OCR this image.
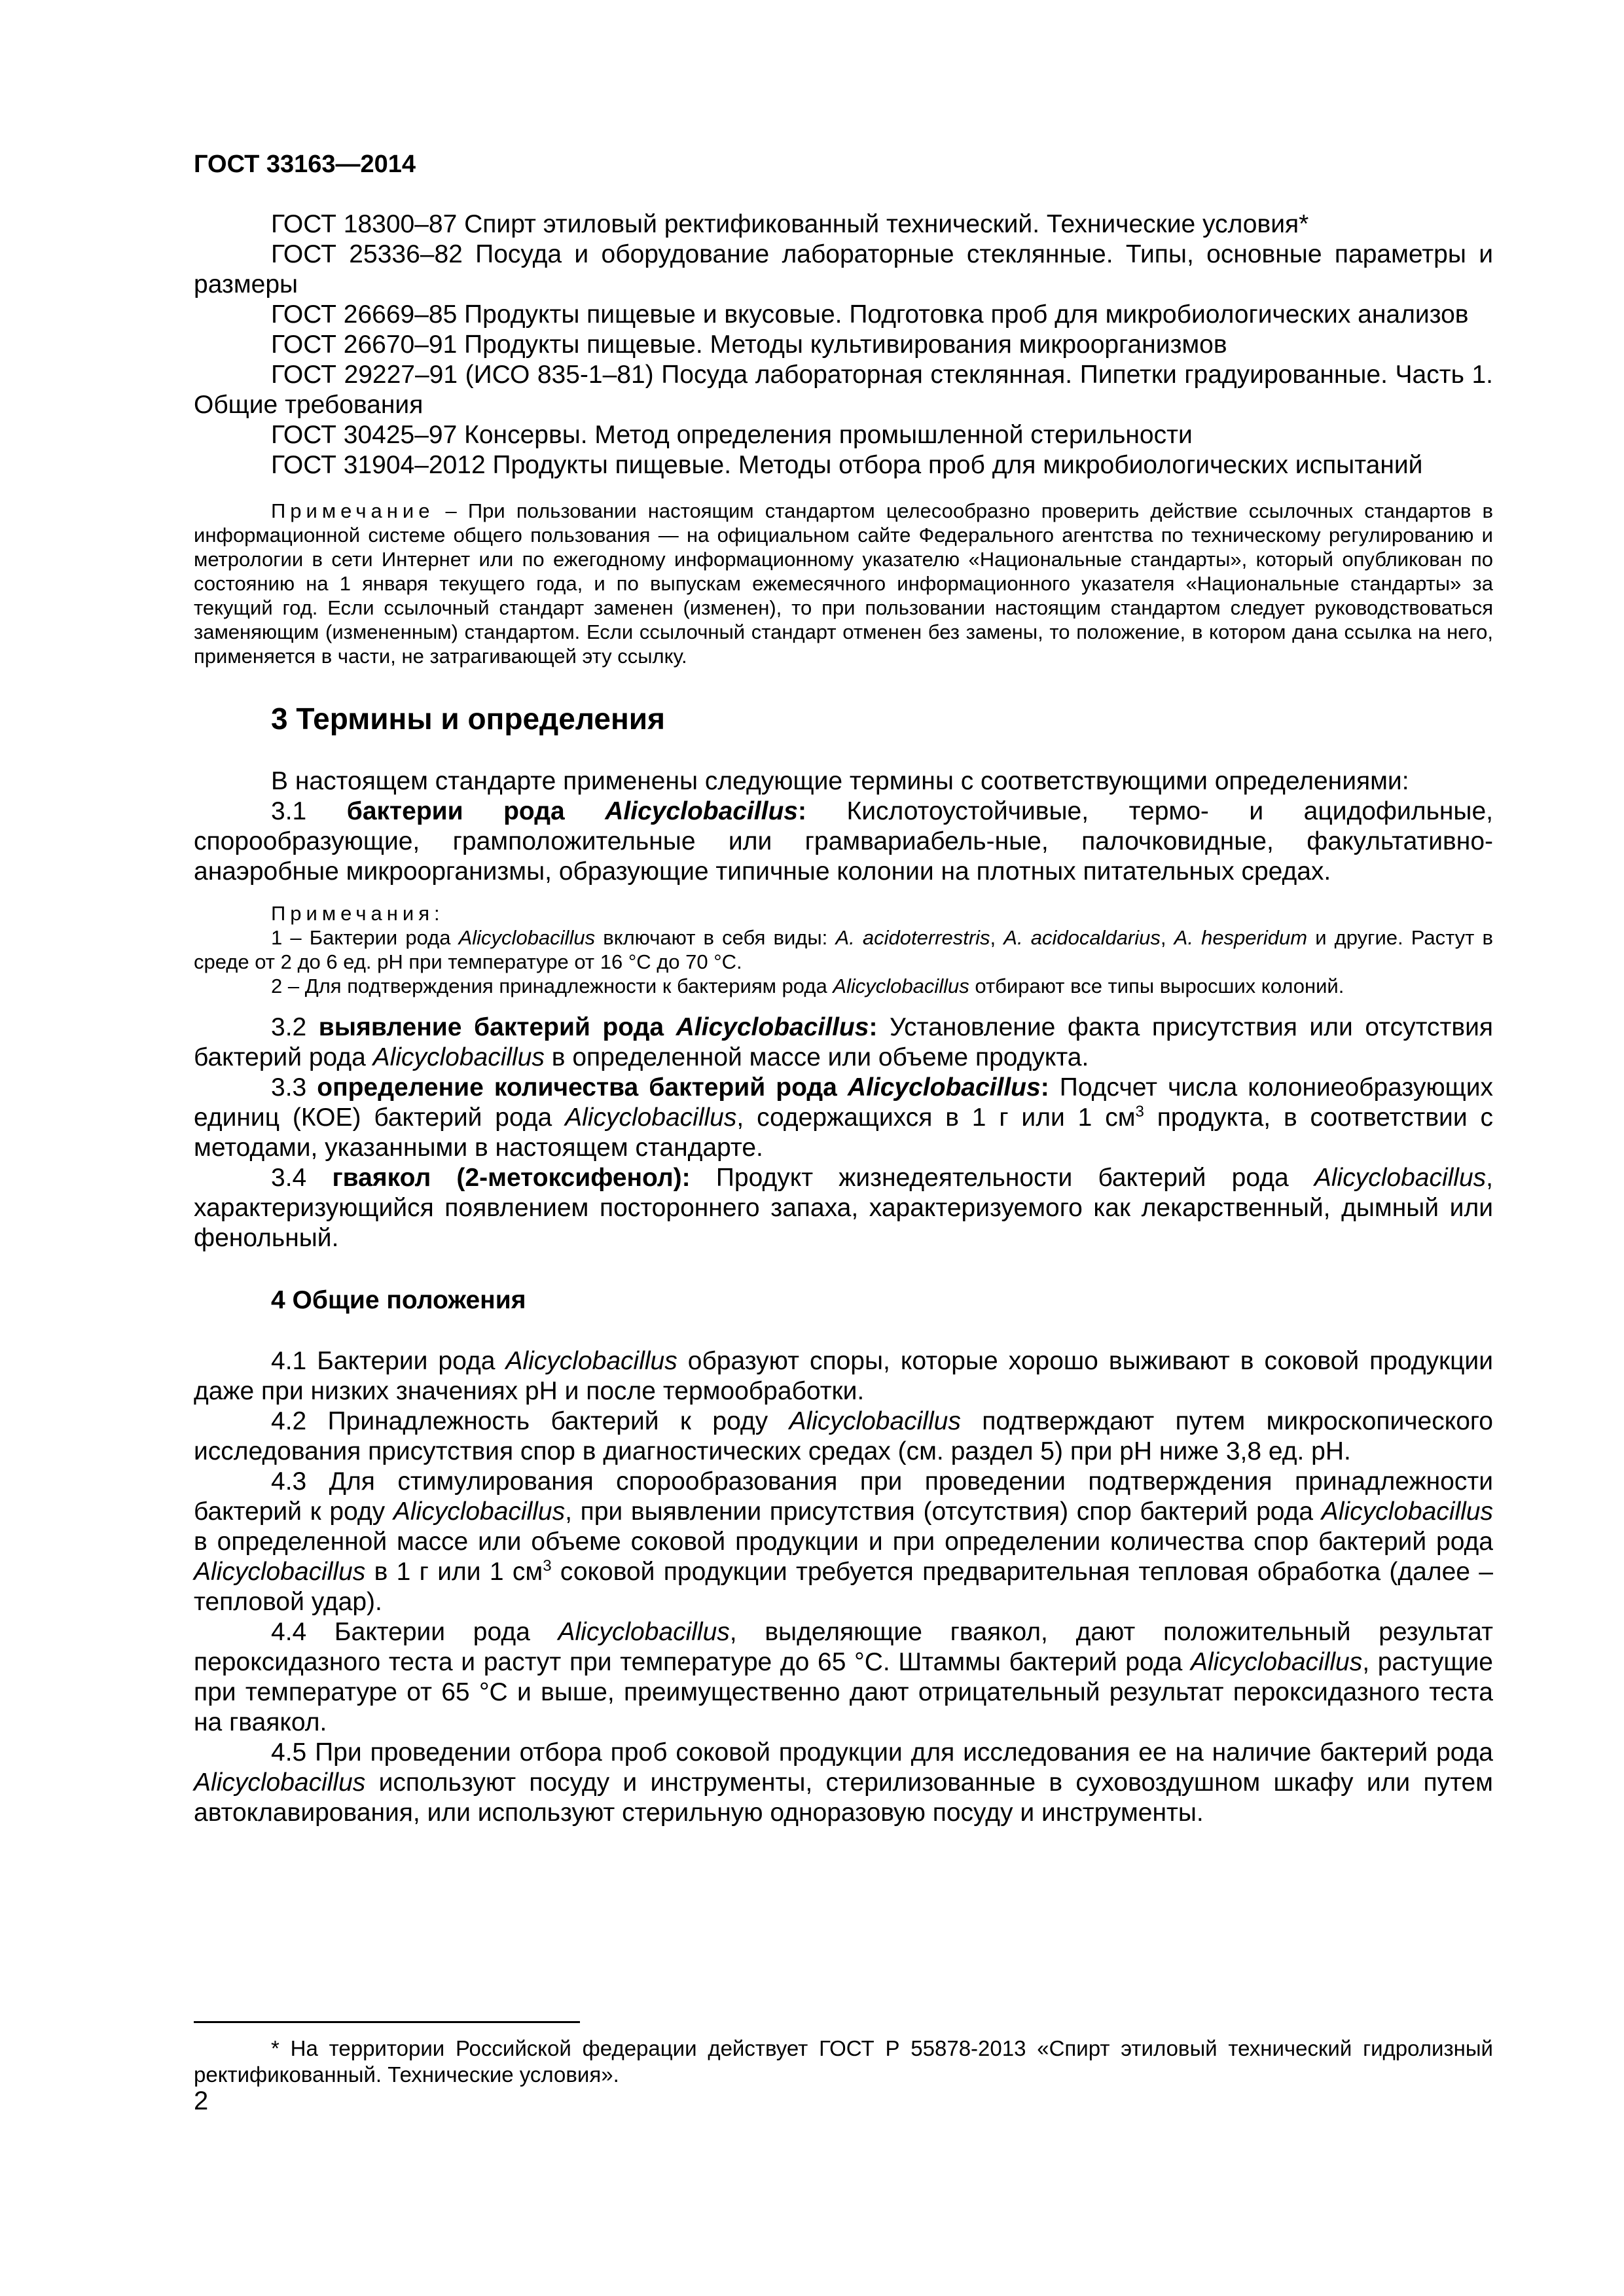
ГОСТ 33163—2014

ГОСТ 18300–87 Спирт этиловый ректификованный технический. Технические условия*

ГОСТ 25336–82 Посуда и оборудование лабораторные стеклянные. Типы, основные параметры и размеры

ГОСТ 26669–85 Продукты пищевые и вкусовые. Подготовка проб для микробиологических анализов

ГОСТ 26670–91 Продукты пищевые. Методы культивирования микроорганизмов

ГОСТ 29227–91 (ИСО 835-1–81) Посуда лабораторная стеклянная. Пипетки градуированные. Часть 1. Общие требования

ГОСТ 30425–97 Консервы. Метод определения промышленной стерильности

ГОСТ 31904–2012 Продукты пищевые. Методы отбора проб для микробиологических испытаний

Примечание – При пользовании настоящим стандартом целесообразно проверить действие ссылочных стандартов в информационной системе общего пользования — на официальном сайте Федерального агентства по техническому регулированию и метрологии в сети Интернет или по ежегодному информационному указателю «Национальные стандарты», который опубликован по состоянию на 1 января текущего года, и по выпускам ежемесячного информационного указателя «Национальные стандарты» за текущий год. Если ссылочный стандарт заменен (изменен), то при пользовании настоящим стандартом следует руководствоваться заменяющим (измененным) стандартом. Если ссылочный стандарт отменен без замены, то положение, в котором дана ссылка на него, применяется в части, не затрагивающей эту ссылку.

3 Термины и определения

В настоящем стандарте применены следующие термины с соответствующими определениями:

3.1 бактерии рода Alicyclobacillus: Кислотоустойчивые, термо- и ацидофильные, спорообразующие, грамположительные или грамвариабель-ные, палочковидные, факультативно-анаэробные микроорганизмы, образующие типичные колонии на плотных питательных средах.

Примечания:

1 – Бактерии рода Alicyclobacillus включают в себя виды: A. acidoterrestris, A. acidocaldarius, A. hesperidum и другие. Растут в среде от 2 до 6 ед. pH при температуре от 16 °С до 70 °С.

2 – Для подтверждения принадлежности к бактериям рода Alicyclobacillus отбирают все типы выросших колоний.

3.2 выявление бактерий рода Alicyclobacillus: Установление факта присутствия или отсутствия бактерий рода Alicyclobacillus в определенной массе или объеме продукта.

3.3 определение количества бактерий рода Alicyclobacillus: Подсчет числа колониеобразующих единиц (КОЕ) бактерий рода Alicyclobacillus, содержащихся в 1 г или 1 $см^3$ продукта, в соответствии с методами, указанными в настоящем стандарте.

3.4 гваякол (2-метоксифенол): Продукт жизнедеятельности бактерий рода Alicyclobacillus, характеризующийся появлением постороннего запаха, характеризуемого как лекарственный, дымный или фенольный.

4 Общие положения

4.1 Бактерии рода Alicyclobacillus образуют споры, которые хорошо выживают в соковой продукции даже при низких значениях pH и после термообработки.

4.2 Принадлежность бактерий к роду Alicyclobacillus подтверждают путем микроскопического исследования присутствия спор в диагностических средах (см. раздел 5) при pH ниже 3,8 ед. pH.

4.3 Для стимулирования спорообразования при проведении подтверждения принадлежности бактерий к роду Alicyclobacillus, при выявлении присутствия (отсутствия) спор бактерий рода Alicyclobacillus в определенной массе или объеме соковой продукции и при определении количества спор бактерий рода Alicyclobacillus в 1 г или 1 $см^3$ соковой продукции требуется предварительная тепловая обработка (далее – тепловой удар).

4.4 Бактерии рода Alicyclobacillus, выделяющие гваякол, дают положительный результат пероксидазного теста и растут при температуре до 65 °С. Штаммы бактерий рода Alicyclobacillus, растущие при температуре от 65 °С и выше, преимущественно дают отрицательный результат пероксидазного теста на гваякол.

4.5 При проведении отбора проб соковой продукции для исследования ее на наличие бактерий рода Alicyclobacillus используют посуду и инструменты, стерилизованные в суховоздушном шкафу или путем автоклавирования, или используют стерильную одноразовую посуду и инструменты.

* На территории Российской федерации действует ГОСТ Р 55878-2013 «Спирт этиловый технический гидролизный ректификованный. Технические условия».
2
